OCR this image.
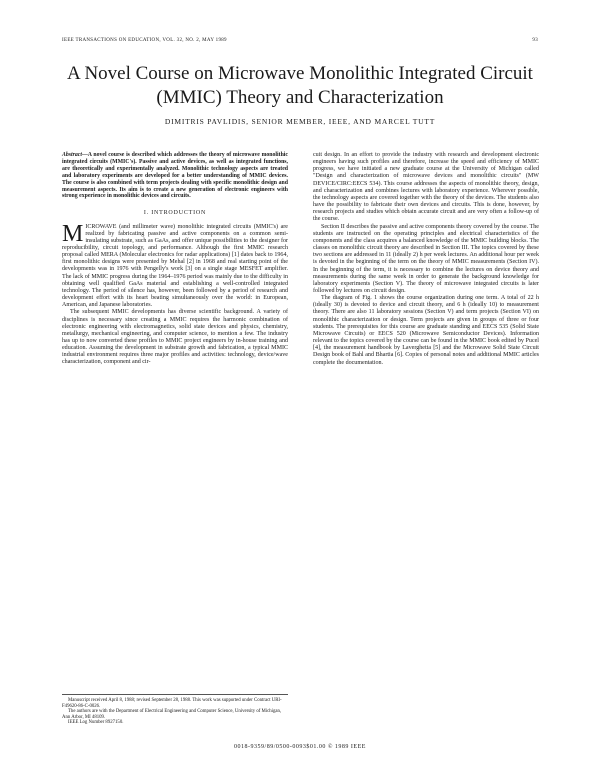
IEEE TRANSACTIONS ON EDUCATION, VOL. 32, NO. 2, MAY 1989	93
A Novel Course on Microwave Monolithic Integrated Circuit (MMIC) Theory and Characterization
DIMITRIS PAVLIDIS, SENIOR MEMBER, IEEE, AND MARCEL TUTT
Abstract—A novel course is described which addresses the theory of microwave monolithic integrated circuits (MMIC's). Passive and active devices, as well as integrated functions, are theoretically and experimentally analyzed. Monolithic technology aspects are treated and laboratory experiments are developed for a better understanding of MMIC devices. The course is also combined with term projects dealing with specific monolithic design and measurement aspects. Its aim is to create a new generation of electronic engineers with strong experience in monolithic devices and circuits.
I. INTRODUCTION

MICROWAVE (and millimeter wave) monolithic integrated circuits (MMIC's) are realized by fabricating passive and active components on a common semi-insulating substrate, such as GaAs, and offer unique possibilities to the designer for reproducibility, circuit topology, and performance. Although the first MMIC research proposal called MERA (Molecular electronics for radar applications) [1] dates back to 1964, first monolithic designs were presented by Mehal [2] in 1968 and real starting point of the developments was in 1976 with Pengelly's work [3] on a single stage MESFET amplifier. The lack of MMIC progress during the 1964–1976 period was mainly due to the difficulty in obtaining well qualified GaAs material and establishing a well-controlled integrated technology. The period of silence has, however, been followed by a period of research and development effort with its heart beating simultaneously over the world: in European, American, and Japanese laboratories.

The subsequent MMIC developments has diverse scientific background. A variety of disciplines is necessary since creating a MMIC requires the harmonic combination of electronic engineering with electromagnetics, solid state devices and physics, chemistry, metallurgy, mechanical engineering, and computer science, to mention a few. The industry has up to now converted these profiles to MMIC project engineers by in-house training and education. Assuming the development in substrate growth and fabrication, a typical MMIC industrial environment requires three major profiles and activities: technology, device/wave characterization, component and cir-

cuit design. In an effort to provide the industry with research and development electronic engineers having such profiles and therefore, increase the speed and efficiency of MMIC progress, we have initiated a new graduate course at the University of Michigan called "Design and characterization of microwave devices and monolithic circuits" (MW DEVICE/CIRC:EECS 534). This course addresses the aspects of monolithic theory, design, and characterization and combines lectures with laboratory experience. Wherever possible, the technology aspects are covered together with the theory of the devices. The students also have the possibility to fabricate their own devices and circuits. This is done, however, by research projects and studies which obtain accurate circuit and are very often a follow-up of the course.

Section II describes the passive and active components theory covered by the course. The students are instructed on the operating principles and electrical characteristics of the components and the class acquires a balanced knowledge of the MMIC building blocks. The classes on monolithic circuit theory are described in Section III. The topics covered by these two sections are addressed in 11 (ideally 2) h per week lectures. An additional hour per week is devoted in the beginning of the term on the theory of MMIC measurements (Section IV). In the beginning of the term, it is necessary to combine the lectures on device theory and measurements during the same week in order to generate the background knowledge for laboratory experiments (Section V). The theory of microwave integrated circuits is later followed by lectures on circuit design.

The diagram of Fig. 1 shows the course organization during one term. A total of 22 h (ideally 30) is devoted to device and circuit theory, and 6 h (ideally 10) to measurement theory. There are also 11 laboratory sessions (Section V) and term projects (Section VI) on monolithic characterization or design. Term projects are given in groups of three or four students. The prerequisites for this course are graduate standing and EECS 535 (Solid State Microwave Circuits) or EECS 520 (Microwave Semiconductor Devices). Information relevant to the topics covered by the course can be found in the MMIC book edited by Pucel [4], the measurement handbook by Laverghetta [5] and the Microwave Solid State Circuit Design book of Bahl and Bhartia [6]. Copies of personal notes and additional MMIC articles complete the documentation.

Manuscript received April 8, 1988; revised September 28, 1988. This work was supported under Contract URI-F49620-86-C-0026.
The authors are with the Department of Electrical Engineering and Computer Science, University of Michigan, Ann Arbor, MI 48109.
IEEE Log Number 8927150.
0018-9359/89/0500-0093$01.00 © 1989 IEEE
